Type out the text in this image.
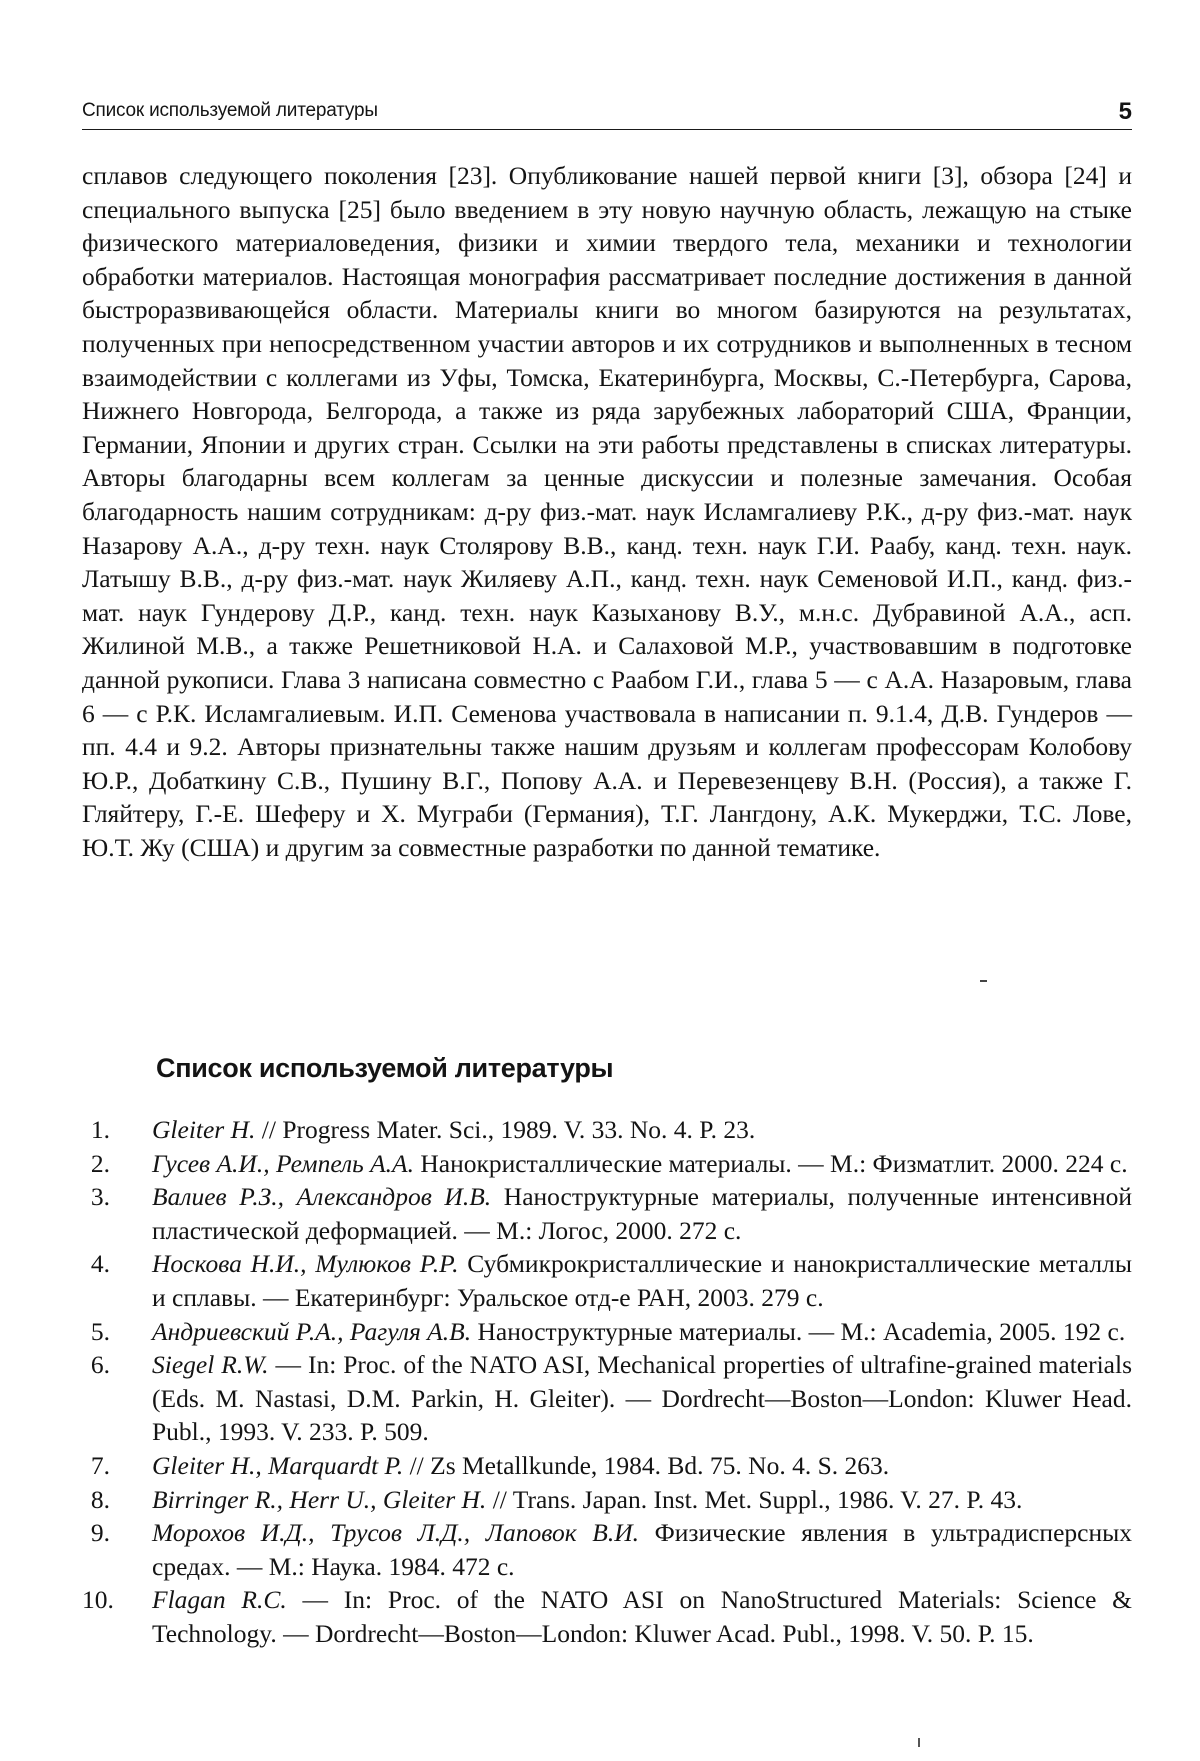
Список используемой литературы	5

сплавов следующего поколения [23]. Опубликование нашей первой книги [3], обзора [24] и специального выпуска [25] было введением в эту новую научную область, лежащую на стыке физического материаловедения, физики и химии твердого тела, механики и технологии обработки материалов. Настоящая монография рассматривает последние достижения в данной быстроразвивающейся области. Материалы книги во многом базируются на результатах, полученных при непосредственном участии авторов и их сотрудников и выполненных в тесном взаимодействии с коллегами из Уфы, Томска, Екатеринбурга, Москвы, С.-Петербурга, Сарова, Нижнего Новгорода, Белгорода, а также из ряда зарубежных лабораторий США, Франции, Германии, Японии и других стран. Ссылки на эти работы представлены в списках литературы. Авторы благодарны всем коллегам за ценные дискуссии и полезные замечания. Особая благодарность нашим сотрудникам: д-ру физ.-мат. наук Исламгалиеву Р.К., д-ру физ.-мат. наук Назарову А.А., д-ру техн. наук Столярову В.В., канд. техн. наук Г.И. Раабу, канд. техн. наук. Латышу В.В., д-ру физ.-мат. наук Жиляеву А.П., канд. техн. наук Семеновой И.П., канд. физ.-мат. наук Гундерову Д.Р., канд. техн. наук Казыханову В.У., м.н.с. Дубравиной А.А., асп. Жилиной М.В., а также Решетниковой Н.А. и Салаховой М.Р., участвовавшим в подготовке данной рукописи. Глава 3 написана совместно с Раабом Г.И., глава 5 — с А.А. Назаровым, глава 6 — с Р.К. Исламгалиевым. И.П. Семенова участвовала в написании п. 9.1.4, Д.В. Гундеров — пп. 4.4 и 9.2. Авторы признательны также нашим друзьям и коллегам профессорам Колобову Ю.Р., Добаткину С.В., Пушину В.Г., Попову А.А. и Перевезенцеву В.Н. (Россия), а также Г. Гляйтеру, Г.-Е. Шеферу и Х. Муграби (Германия), Т.Г. Лангдону, А.К. Мукерджи, Т.С. Лове, Ю.Т. Жу (США) и другим за совместные разработки по данной тематике.

Список используемой литературы
1. Gleiter H. // Progress Mater. Sci., 1989. V. 33. No. 4. P. 23.
2. Гусев А.И., Ремпель А.А. Нанокристаллические материалы. — М.: Физматлит. 2000. 224 с.
3. Валиев Р.З., Александров И.В. Наноструктурные материалы, полученные интенсивной пластической деформацией. — М.: Логос, 2000. 272 с.
4. Носкова Н.И., Мулюков Р.Р. Субмикрокристаллические и нанокристаллические металлы и сплавы. — Екатеринбург: Уральское отд-е РАН, 2003. 279 с.
5. Андриевский Р.А., Рагуля А.В. Наноструктурные материалы. — М.: Academia, 2005. 192 с.
6. Siegel R.W. — In: Proc. of the NATO ASI, Mechanical properties of ultrafine-grained materials (Eds. M. Nastasi, D.M. Parkin, H. Gleiter). — Dordrecht—Boston—London: Kluwer Head. Publ., 1993. V. 233. P. 509.
7. Gleiter H., Marquardt P. // Zs Metallkunde, 1984. Bd. 75. No. 4. S. 263.
8. Birringer R., Herr U., Gleiter H. // Trans. Japan. Inst. Met. Suppl., 1986. V. 27. P. 43.
9. Морохов И.Д., Трусов Л.Д., Лаповок В.И. Физические явления в ультрадисперсных средах. — М.: Наука. 1984. 472 с.
10. Flagan R.C. — In: Proc. of the NATO ASI on NanoStructured Materials: Science & Technology. — Dordrecht—Boston—London: Kluwer Acad. Publ., 1998. V. 50. P. 15.
